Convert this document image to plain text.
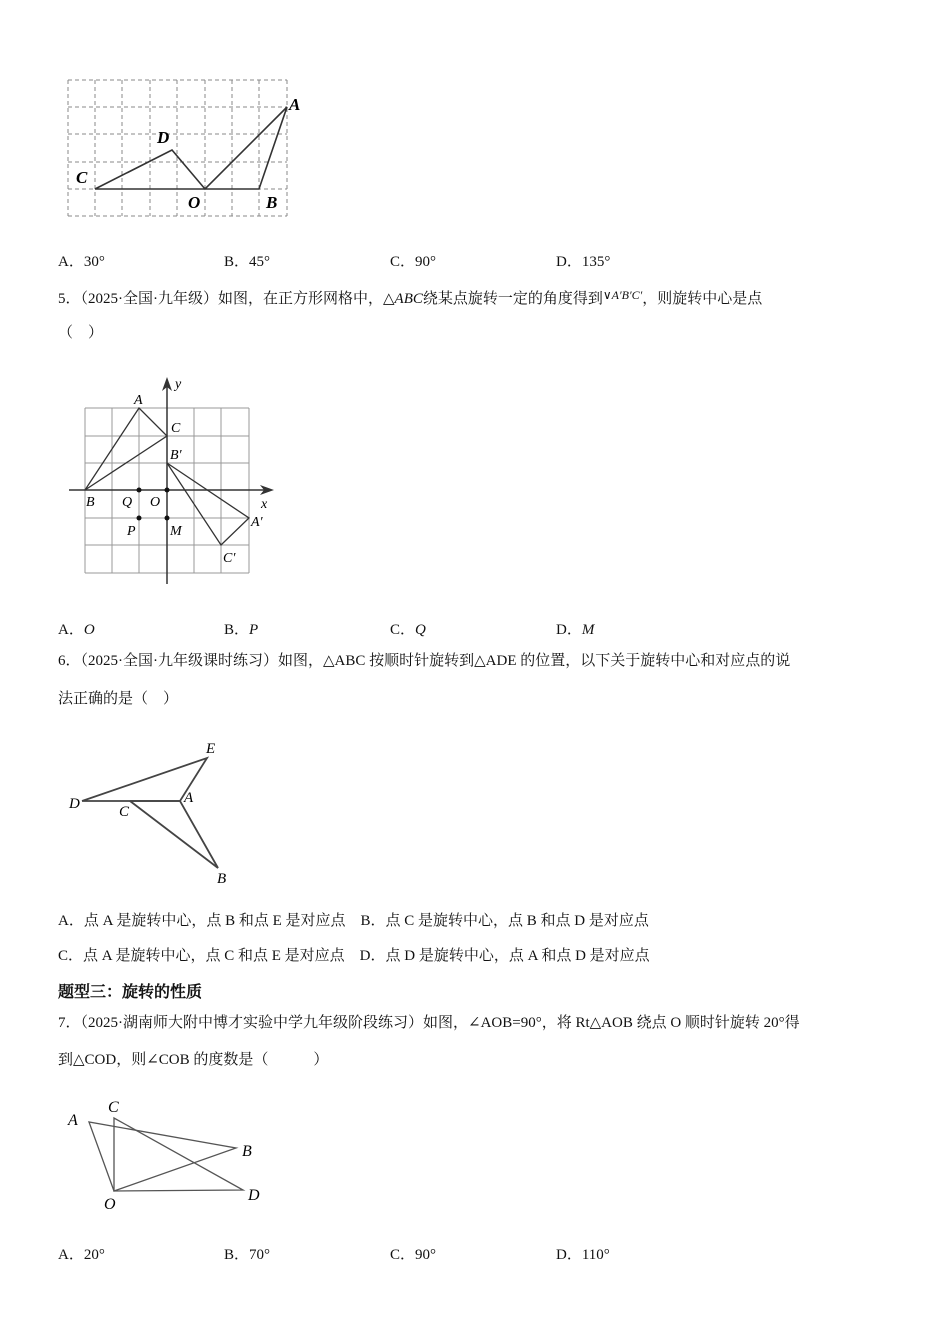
A
D
C
O	B
A．30°	B．45°	C．90°	D．135°
5．（2025·全国·九年级）如图，在正方形网格中，△ABC绕某点旋转一定的角度得到$^{\vee A'B'C'}$，则旋转中心是点
（　）
y
A
C
B′
B Q O	x
P M
A′
C′
A．O	B．P	C．Q	D．M
6．（2025·全国·九年级课时练习）如图，△ABC 按顺时针旋转到△ADE 的位置，以下关于旋转中心和对应点的说
法正确的是（　）
E
D	C
A
B
A．点 A 是旋转中心，点 B 和点 E 是对应点　B．点 C 是旋转中心，点 B 和点 D 是对应点
C．点 A 是旋转中心，点 C 和点 E 是对应点　D．点 D 是旋转中心，点 A 和点 D 是对应点
题型三：旋转的性质
7．（2025·湖南师大附中博才实验中学九年级阶段练习）如图，∠AOB=90°，将 Rt△AOB 绕点 O 顺时针旋转 20°得
到△COD，则∠COB 的度数是（　　　）
A
C
B
O
D
A．20°	B．70°	C．90°	D．110°
